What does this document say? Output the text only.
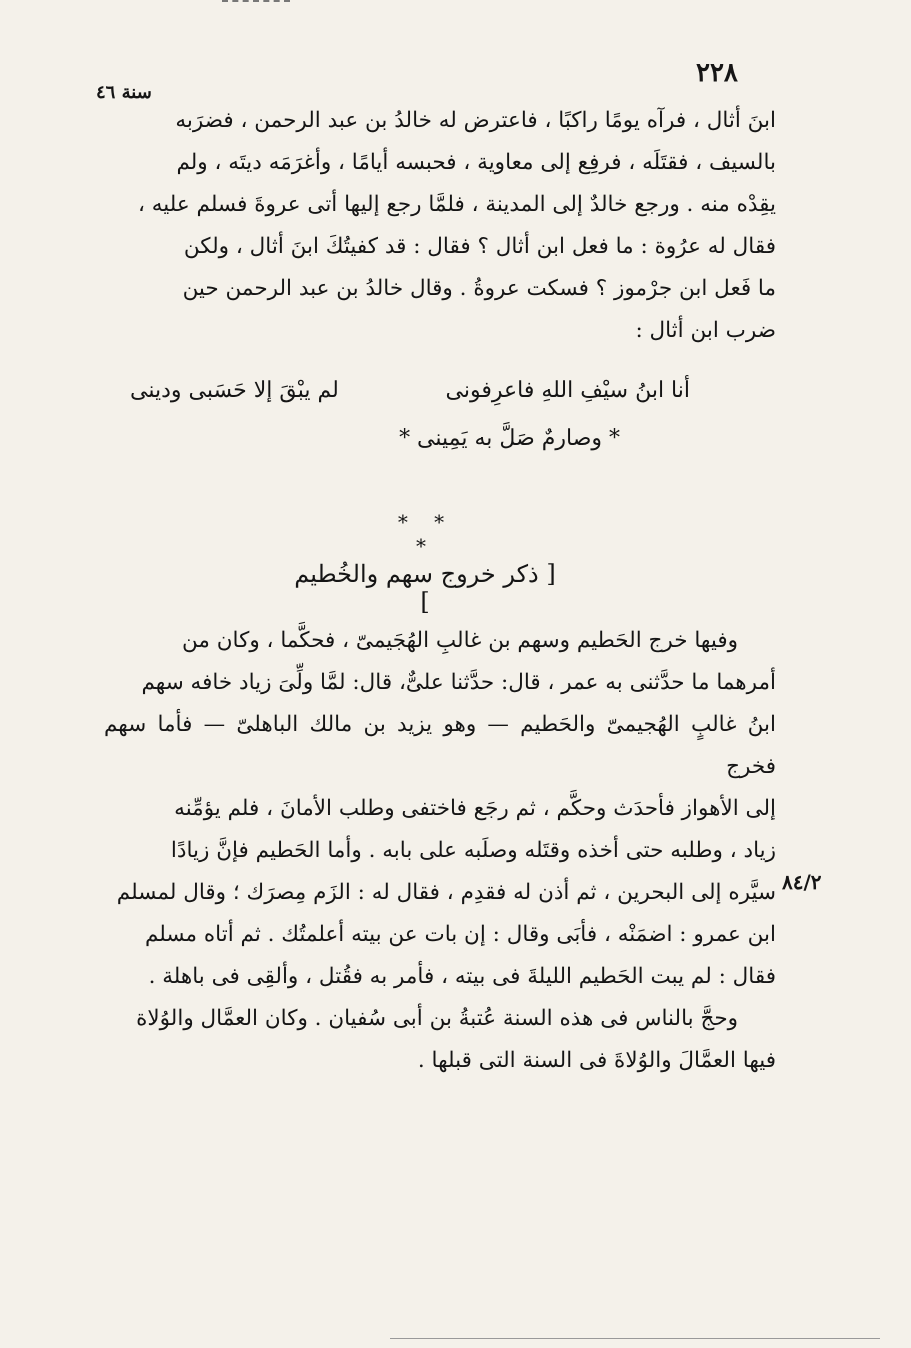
٢٢٨
سنة ٤٦

ابنَ أثال ، فرآه يومًا راكبًا ، فاعترض له خالدُ بن عبد الرحمن ، فضرَبه

بالسيف ، فقتَلَه ، فرفِع إلى معاوية ، فحبسه أيامًا ، وأغرَمَه ديتَه ، ولم

يقِدْه منه . ورجع خالدٌ إلى المدينة ، فلمَّا رجع إليها أتى عروةَ فسلم عليه ،

فقال له عرُوة : ما فعل ابن أثال ؟ فقال : قد كفيتُكَ ابنَ أثال ، ولكن

ما فَعل ابن جرْموز ؟ فسكت عروةُ . وقال خالدُ بن عبد الرحمن حين

ضرب ابن أثال :

أنا ابنُ سيْفِ اللهِ فاعرِفونى
لم يبْقَ إلا حَسَبى ودينى
* وصارمٌ صَلَّ به يَمِينى *
* * *
[ ذكر خروج سهم والخُطيم ]

وفيها خرج الحَطيم وسهم بن غالبِ الهُجَيمىّ ، فحكَّما ، وكان من

أمرهما ما حدَّثنى به عمر ، قال: حدَّثنا علىٌّ، قال: لمَّا ولِّىَ زياد خافه سهم

ابنُ غالبٍ الهُجيمىّ والحَطيم — وهو يزيد بن مالك الباهلىّ — فأما سهم فخرج

إلى الأهواز فأحدَث وحكَّم ، ثم رجَع فاختفى وطلب الأمانَ ، فلم يؤمِّنه

زياد ، وطلبه حتى أخذه وقتَله وصلَبه على بابه . وأما الحَطيم فإنَّ زيادًا

سيَّره إلى البحرين ، ثم أذن له فقدِم ، فقال له : الزَم مِصرَك ؛ وقال لمسلم

ابن عمرو : اضمَنْه ، فأبَى وقال : إن بات عن بيته أعلمتُك . ثم أتاه مسلم

فقال : لم يبت الحَطيم الليلةَ فى بيته ، فأمر به فقُتل ، وألقِى فى باهلة .

وحجَّ بالناس فى هذه السنة عُتبةُ بن أبى سُفيان . وكان العمَّال والوُلاة

فيها العمَّالَ والوُلاةَ فى السنة التى قبلها .

٨٤/٢
